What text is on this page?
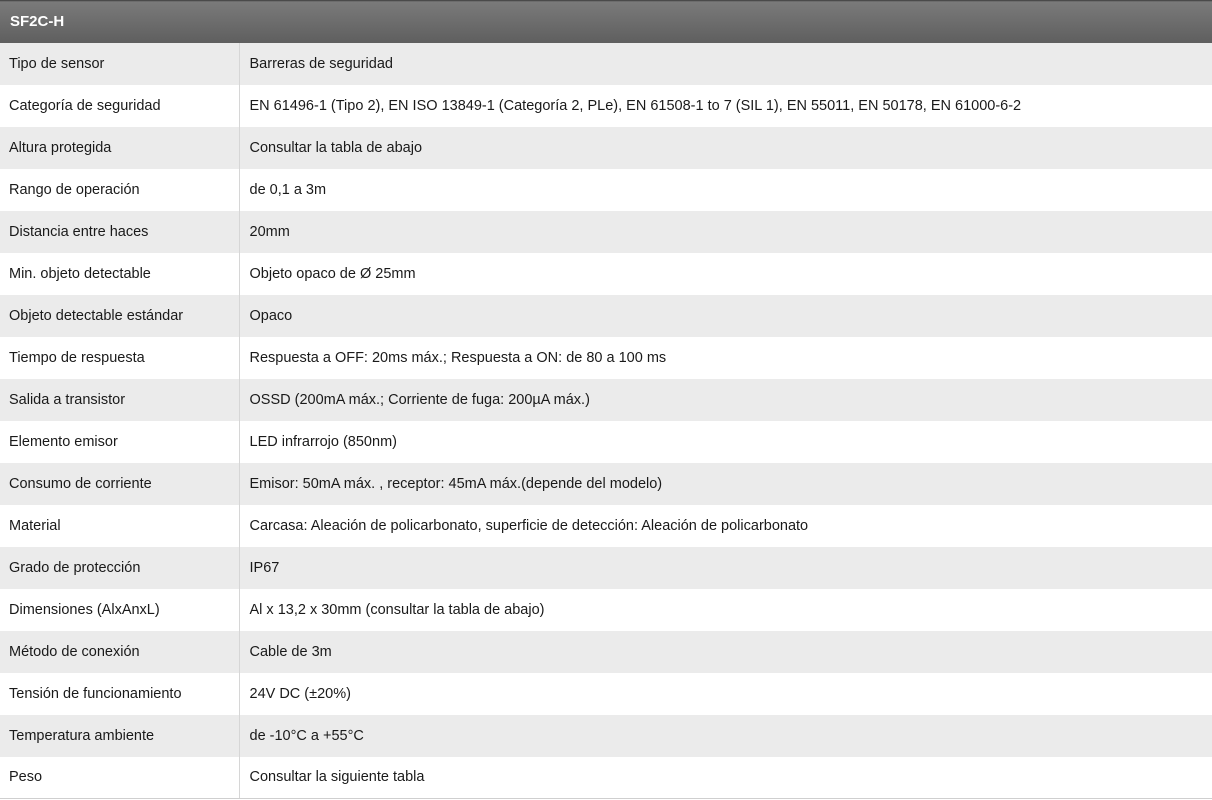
SF2C-H	
Tipo de sensor	Barreras de seguridad
Categoría de seguridad	EN 61496-1 (Tipo 2), EN ISO 13849-1 (Categoría 2, PLe), EN 61508-1 to 7 (SIL 1), EN 55011, EN 50178, EN 61000-6-2
Altura protegida	Consultar la tabla de abajo
Rango de operación	de 0,1 a 3m
Distancia entre haces	20mm
Min. objeto detectable	Objeto opaco de Ø 25mm
Objeto detectable estándar	Opaco
Tiempo de respuesta	Respuesta a OFF: 20ms máx.; Respuesta a ON: de 80 a 100 ms
Salida a transistor	OSSD (200mA máx.; Corriente de fuga: 200µA máx.)
Elemento emisor	LED infrarrojo (850nm)
Consumo de corriente	Emisor: 50mA máx. , receptor: 45mA máx.(depende del modelo)
Material	Carcasa: Aleación de policarbonato, superficie de detección: Aleación de policarbonato
Grado de protección	IP67
Dimensiones (AlxAnxL)	Al x 13,2 x 30mm (consultar la tabla de abajo)
Método de conexión	Cable de 3m
Tensión de funcionamiento	24V DC (±20%)
Temperatura ambiente	de -10°C a +55°C
Peso	Consultar la siguiente tabla
